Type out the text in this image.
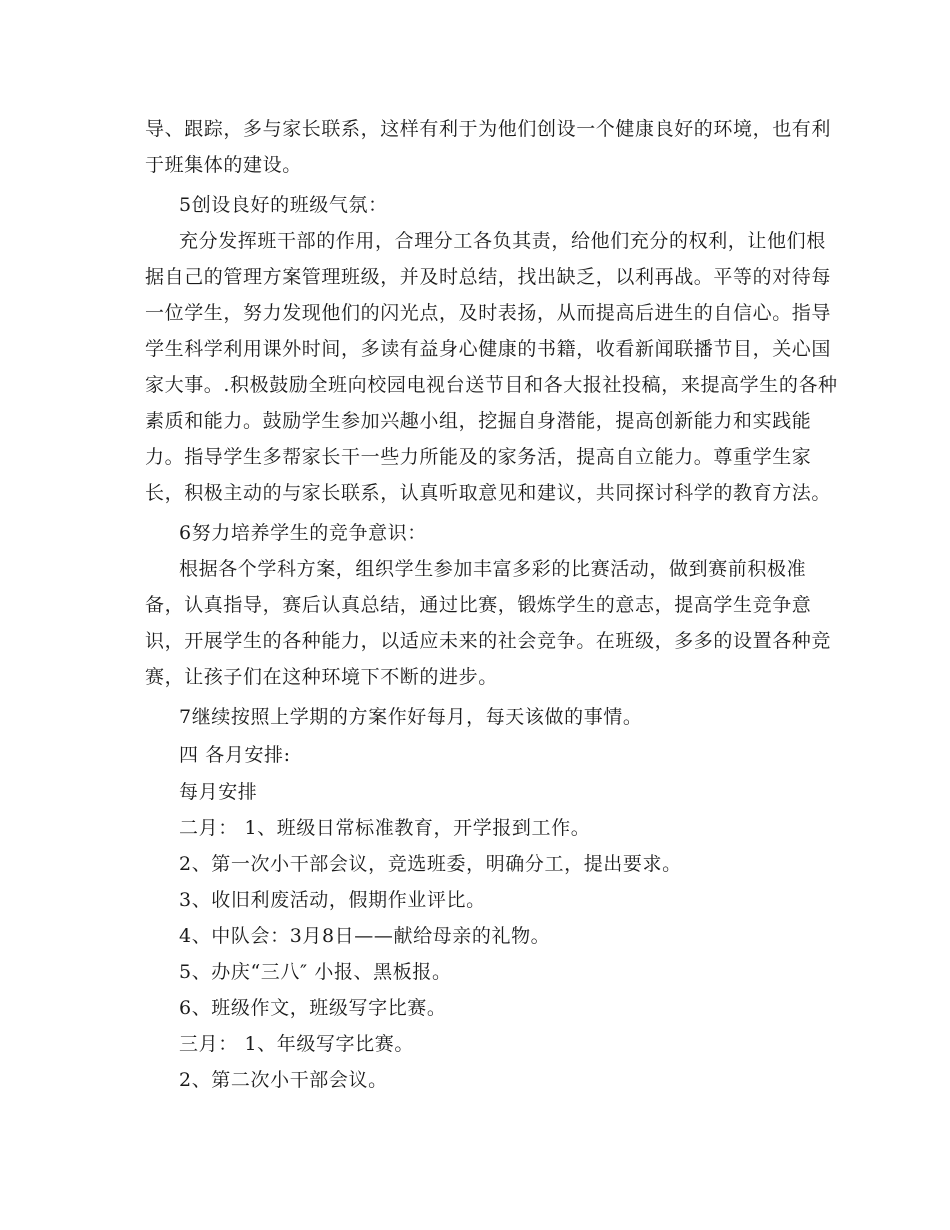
导、跟踪，多与家长联系，这样有利于为他们创设一个健康良好的环境，也有利
于班集体的建设。
5创设良好的班级气氛：
充分发挥班干部的作用，合理分工各负其责，给他们充分的权利，让他们根
据自己的管理方案管理班级，并及时总结，找出缺乏，以利再战。平等的对待每
一位学生，努力发现他们的闪光点，及时表扬，从而提高后进生的自信心。指导
学生科学利用课外时间，多读有益身心健康的书籍，收看新闻联播节目，关心国
家大事。.积极鼓励全班向校园电视台送节目和各大报社投稿，来提高学生的各种
素质和能力。鼓励学生参加兴趣小组，挖掘自身潜能，提高创新能力和实践能
力。指导学生多帮家长干一些力所能及的家务活，提高自立能力。尊重学生家
长，积极主动的与家长联系，认真听取意见和建议，共同探讨科学的教育方法。
6努力培养学生的竞争意识：
根据各个学科方案，组织学生参加丰富多彩的比赛活动，做到赛前积极准
备，认真指导，赛后认真总结，通过比赛，锻炼学生的意志，提高学生竞争意
识，开展学生的各种能力，以适应未来的社会竞争。在班级，多多的设置各种竞
赛，让孩子们在这种环境下不断的进步。
7继续按照上学期的方案作好每月，每天该做的事情。
四 各月安排:
每月安排
二月： 1、班级日常标准教育，开学报到工作。
2、第一次小干部会议，竞选班委，明确分工，提出要求。
3、收旧利废活动，假期作业评比。
4、中队会：3月8日——献给母亲的礼物。
5、办庆“三八″ 小报、黑板报。
6、班级作文，班级写字比赛。
三月： 1、年级写字比赛。
2、第二次小干部会议。
